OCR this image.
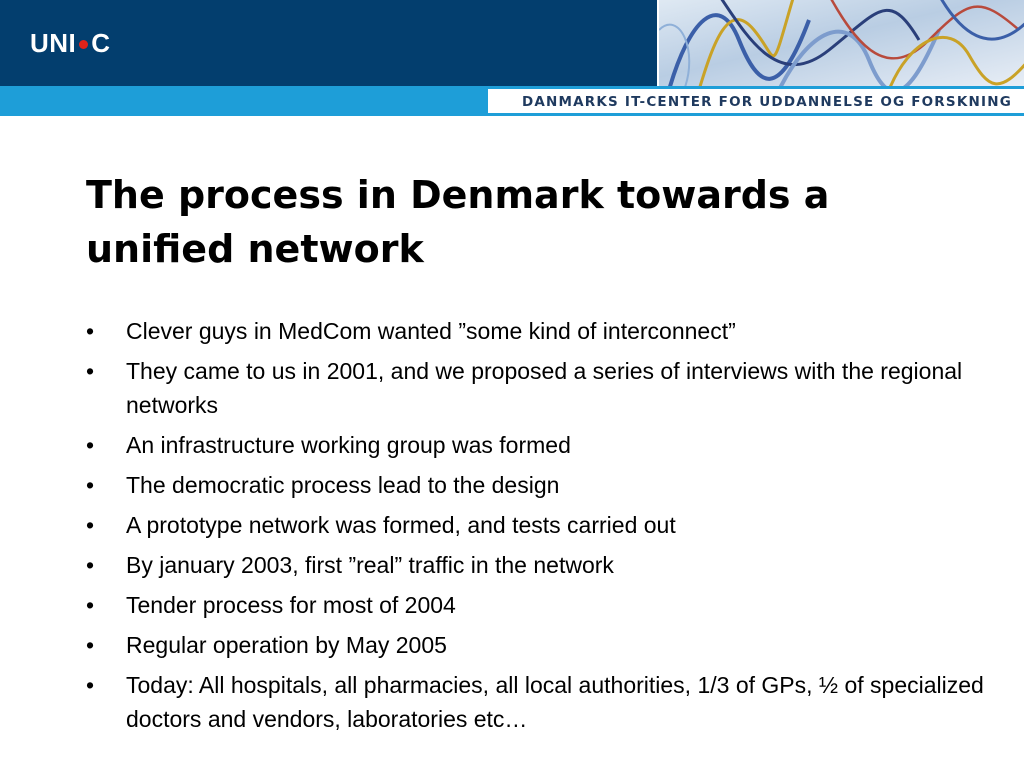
UNI C
DANMARKS IT-CENTER FOR UDDANNELSE OG FORSKNING
The process in Denmark towards a unified network
•	Clever guys in MedCom wanted ”some kind of interconnect”
•	They came to us in 2001, and we proposed a series of interviews with the regional networks
•	An infrastructure working group was formed
•	The democratic process lead to the design
•	A prototype network was formed, and tests carried out
•	By january 2003, first ”real” traffic in the network
•	Tender process for most of 2004
•	Regular operation by May 2005
•	Today: All hospitals, all pharmacies, all local authorities, 1/3 of GPs, ½ of specialized doctors and vendors, laboratories etc…
